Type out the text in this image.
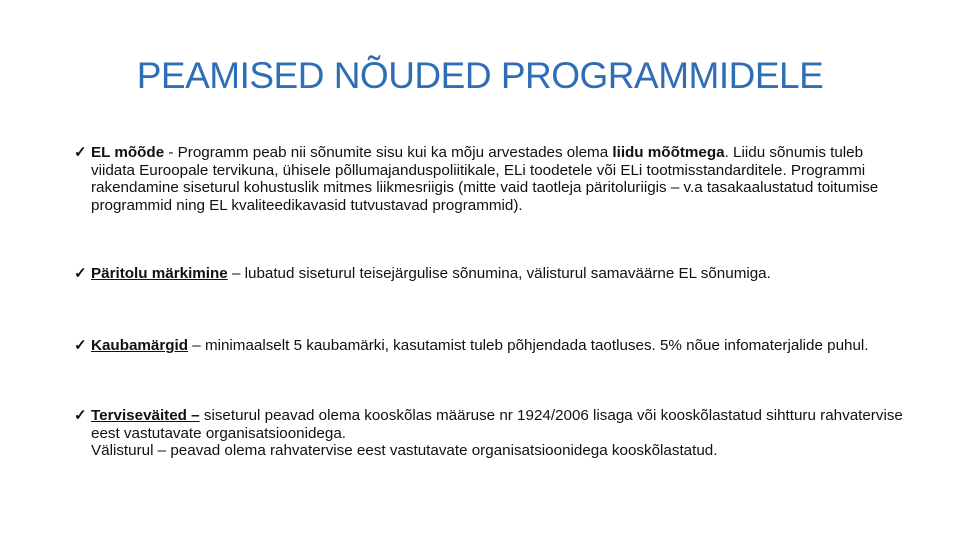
PEAMISED NÕUDED PROGRAMMIDELE
✓ EL mõõde - Programm peab nii sõnumite sisu kui ka mõju arvestades olema liidu mõõtmega. Liidu sõnumis tuleb viidata Euroopale tervikuna, ühisele põllumajanduspoliitikale, ELi toodetele või ELi tootmisstandarditele. Programmi rakendamine siseturul kohustuslik mitmes liikmesriigis (mitte vaid taotleja päritoluriigis – v.a tasakaalustatud toitumise programmid ning EL kvaliteedikavasid tutvustavad programmid).
✓ Päritolu märkimine – lubatud siseturul teisejärgulise sõnumina, välisturul samaväärne EL sõnumiga.
✓ Kaubamärgid – minimaalselt 5 kaubamärki, kasutamist tuleb põhjendada taotluses. 5% nõue infomaterjalide puhul.
✓ Terviseväited – siseturul peavad olema kooskõlas määruse nr 1924/2006 lisaga või kooskõlastatud sihtturu rahvatervise eest vastutavate organisatsioonidega.
Välisturul – peavad olema rahvatervise eest vastutavate organisatsioonidega kooskõlastatud.
